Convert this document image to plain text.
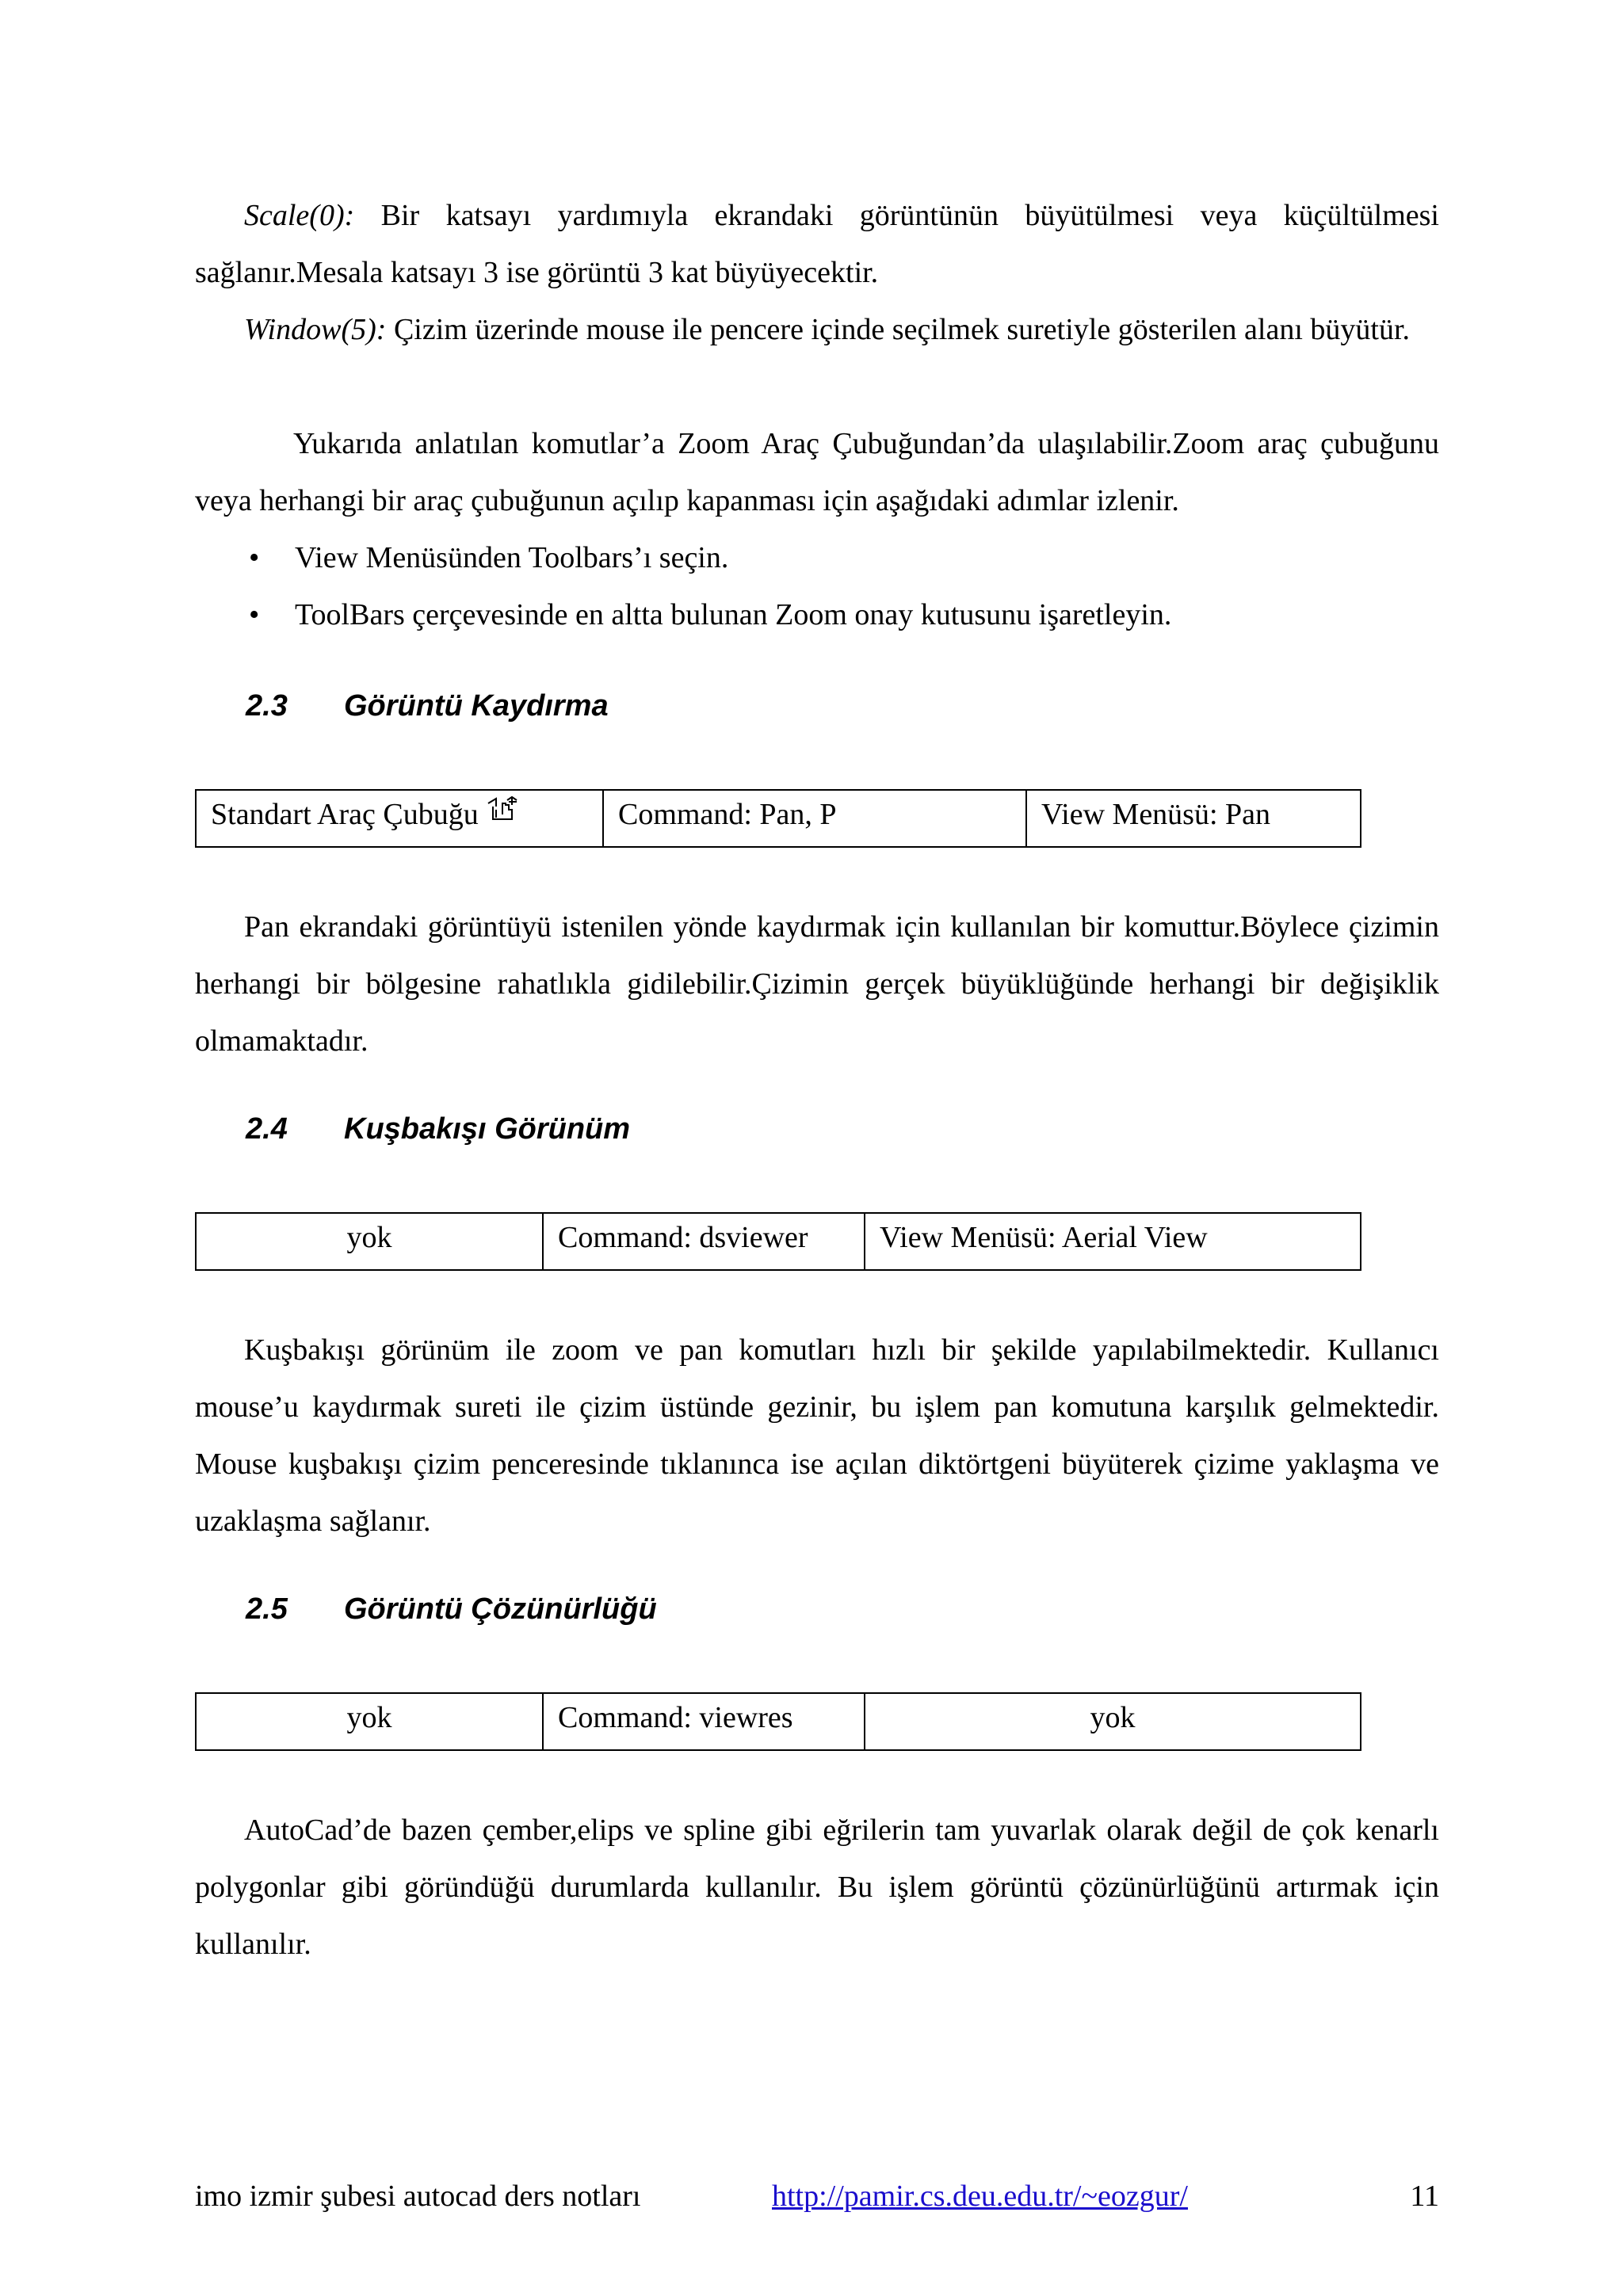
Scale(0): Bir katsayı yardımıyla ekrandaki görüntünün büyütülmesi veya küçültülmesi sağlanır.Mesala katsayı 3 ise görüntü 3 kat büyüyecektir.

Window(5): Çizim üzerinde mouse ile pencere içinde seçilmek suretiyle gösterilen alanı büyütür.

Yukarıda anlatılan komutlar’a Zoom Araç Çubuğundan’da ulaşılabilir.Zoom araç çubuğunu veya herhangi bir araç çubuğunun açılıp kapanması için aşağıdaki adımlar izlenir.

• View Menüsünden Toolbars’ı seçin.
• ToolBars çerçevesinde en altta bulunan Zoom onay kutusunu işaretleyin.
2.3 Görüntü Kaydırma
Standart Araç Çubuğu	Command: Pan, P	View Menüsü: Pan

Pan ekrandaki görüntüyü istenilen yönde kaydırmak için kullanılan bir komuttur.Böylece çizimin herhangi bir bölgesine rahatlıkla gidilebilir.Çizimin gerçek büyüklüğünde herhangi bir değişiklik olmamaktadır.

2.4 Kuşbakışı Görünüm
yok	Command: dsviewer	View Menüsü: Aerial View

Kuşbakışı görünüm ile zoom ve pan komutları hızlı bir şekilde yapılabilmektedir. Kullanıcı mouse’u kaydırmak sureti ile çizim üstünde gezinir, bu işlem pan komutuna karşılık gelmektedir. Mouse kuşbakışı çizim penceresinde tıklanınca ise açılan diktörtgeni büyüterek çizime yaklaşma ve uzaklaşma sağlanır.

2.5 Görüntü Çözünürlüğü
yok	Command: viewres	yok

AutoCad’de bazen çember,elips ve spline gibi eğrilerin tam yuvarlak olarak değil de çok kenarlı polygonlar gibi göründüğü durumlarda kullanılır. Bu işlem görüntü çözünürlüğünü artırmak için kullanılır.

imo izmir şubesi autocad ders notları	http://pamir.cs.deu.edu.tr/~eozgur/	11
